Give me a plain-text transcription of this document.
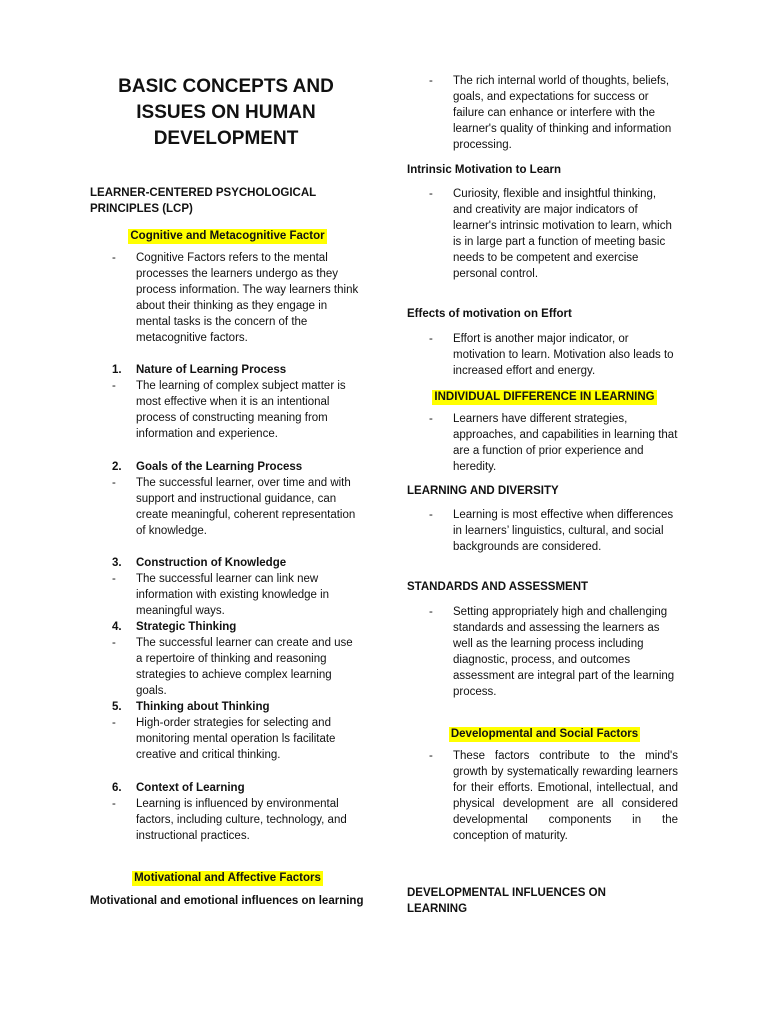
BASIC CONCEPTS AND ISSUES ON HUMAN DEVELOPMENT

LEARNER-CENTERED PSYCHOLOGICAL PRINCIPLES (LCP)

Cognitive and Metacognitive Factor
-	Cognitive Factors refers to the mental processes the learners undergo as they process information. The way learners think about their thinking as they engage in mental tasks is the concern of the metacognitive factors.
1.	Nature of Learning Process
-	The learning of complex subject matter is most effective when it is an intentional process of constructing meaning from information and experience.
2.	Goals of the Learning Process
-	The successful learner, over time and with support and instructional guidance, can create meaningful, coherent representation of knowledge.
3.	Construction of Knowledge
-	The successful learner can link new information with existing knowledge in meaningful ways.
4.	Strategic Thinking
-	The successful learner can create and use a repertoire of thinking and reasoning strategies to achieve complex learning goals.
5.	Thinking about Thinking
-	High-order strategies for selecting and monitoring mental operation ls facilitate creative and critical thinking.
6.	Context of Learning
-	Learning is influenced by environmental factors, including culture, technology, and instructional practices.
Motivational and Affective Factors

Motivational and emotional influences on learning

-	The rich internal world of thoughts, beliefs, goals, and expectations for success or failure can enhance or interfere with the learner's quality of thinking and information processing.

Intrinsic Motivation to Learn

-	Curiosity, flexible and insightful thinking, and creativity are major indicators of learner's intrinsic motivation to learn, which is in large part a function of meeting basic needs to be competent and exercise personal control.

Effects of motivation on Effort

-	Effort is another major indicator, or motivation to learn. Motivation also leads to increased effort and energy.
INDIVIDUAL DIFFERENCE IN LEARNING
-	Learners have different strategies, approaches, and capabilities in learning that are a function of prior experience and heredity.

LEARNING AND DIVERSITY

-	Learning is most effective when differences in learners’ linguistics, cultural, and social backgrounds are considered.

STANDARDS AND ASSESSMENT

-	Setting appropriately high and challenging standards and assessing the learners as well as the learning process including diagnostic, process, and outcomes assessment are integral part of the learning process.
Developmental and Social Factors
-	These factors contribute to the mind's growth by systematically rewarding learners for their efforts. Emotional, intellectual, and physical development are all considered developmental components in the conception of maturity.

DEVELOPMENTAL INFLUENCES ON LEARNING
